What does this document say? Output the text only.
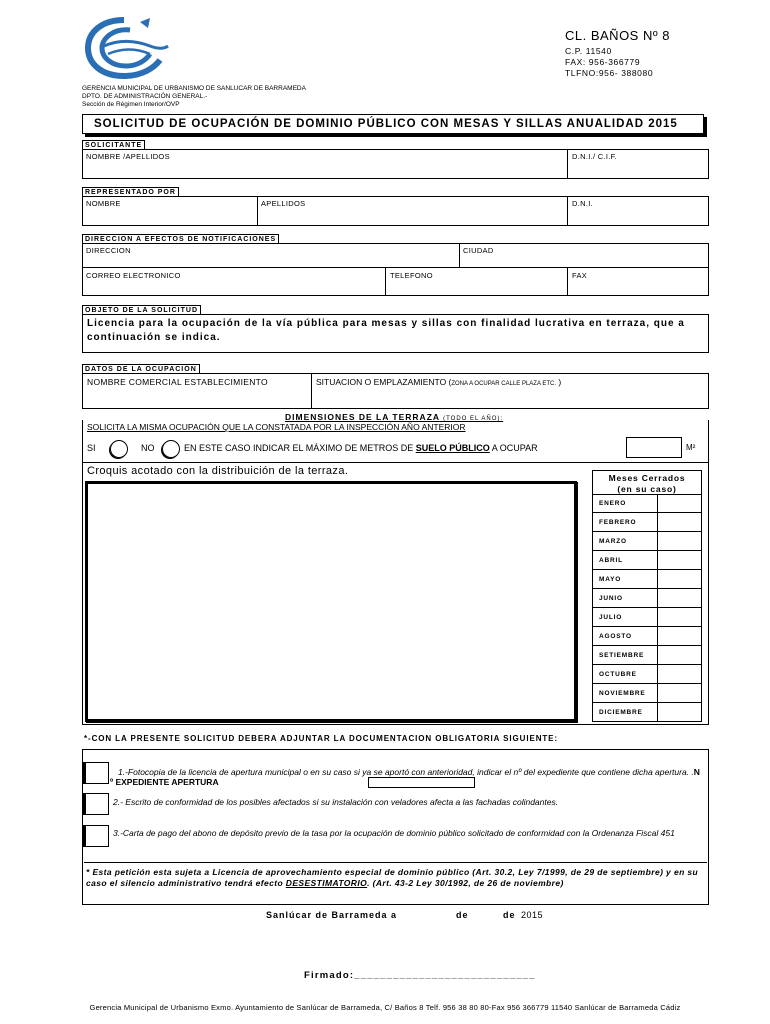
CL. BAÑOS Nº 8
C.P. 11540
FAX: 956-366779
TLFNO:956- 388080
GERENCIA MUNICIPAL DE URBANISMO DE SANLUCAR DE BARRAMEDA
DPTO. DE ADMINISTRACIÓN GENERAL.-
Sección de Régimen Interior/OVP
SOLICITUD DE OCUPACIÓN DE DOMINIO PÚBLICO CON MESAS Y SILLAS ANUALIDAD 2015
SOLICITANTE
NOMBRE /APELLIDOS	D.N.I./ C.I.F.
REPRESENTADO POR
NOMBRE	APELLIDOS	D.N.I.
DIRECCION A EFECTOS DE NOTIFICACIONES
DIRECCION	CIUDAD
CORREO ELECTRONICO	TELEFONO	FAX
OBJETO DE LA SOLICITUD
Licencia para la ocupación de la vía pública para mesas y sillas con finalidad lucrativa en terraza, que a continuación se indica.
DATOS DE LA OCUPACIÓN
NOMBRE COMERCIAL ESTABLECIMIENTO	SITUACION O EMPLAZAMIENTO (ZONA A OCUPAR CALLE PLAZA ETC. )
DIMENSIONES DE LA TERRAZA (TODO EL AÑO):
SOLICITA LA MISMA OCUPACIÓN QUE LA CONSTATADA POR LA INSPECCIÓN AÑO ANTERIOR
SI	NO	EN ESTE CASO INDICAR EL MÁXIMO DE METROS DE SUELO PÚBLICO A OCUPAR	M²
Croquis acotado con la distribuición de la terraza.
Meses Cerrados
(en su caso)
ENERO
FEBRERO
MARZO
ABRIL
MAYO
JUNIO
JULIO
AGOSTO
SETIEMBRE
OCTUBRE
NOVIEMBRE
DICIEMBRE
*-CON LA PRESENTE SOLICITUD DEBERA ADJUNTAR LA DOCUMENTACION OBLIGATORIA SIGUIENTE:
1.-Fotocopia de la licencia de apertura municipal o en su caso si ya se aportó con anterioridad, indicar el nº del expediente que contiene dicha apertura. .N º EXPEDIENTE APERTURA
2.- Escrito de conformidad de los posibles afectados si su instalación con veladores afecta a las fachadas colindantes.
3.-Carta de pago del abono de depósito previo de la tasa por la ocupación de dominio público solicitado de conformidad con la Ordenanza Fiscal 451
* Esta petición esta sujeta a Licencia de aprovechamiento especial de dominio público (Art. 30.2, Ley 7/1999, de 29 de septiembre) y en su caso el silencio administrativo tendrá efecto DESESTIMATORIO. (Art. 43-2 Ley 30/1992, de 26 de noviembre)
Sanlúcar de Barrameda a	de	de 2015
Firmado:____________________________
Gerencia Municipal de Urbanismo Exmo. Ayuntamiento de Sanlúcar de Barrameda, C/ Baños 8 Telf. 956 38 80 80-Fax 956 366779 11540 Sanlúcar de Barrameda Cádiz
